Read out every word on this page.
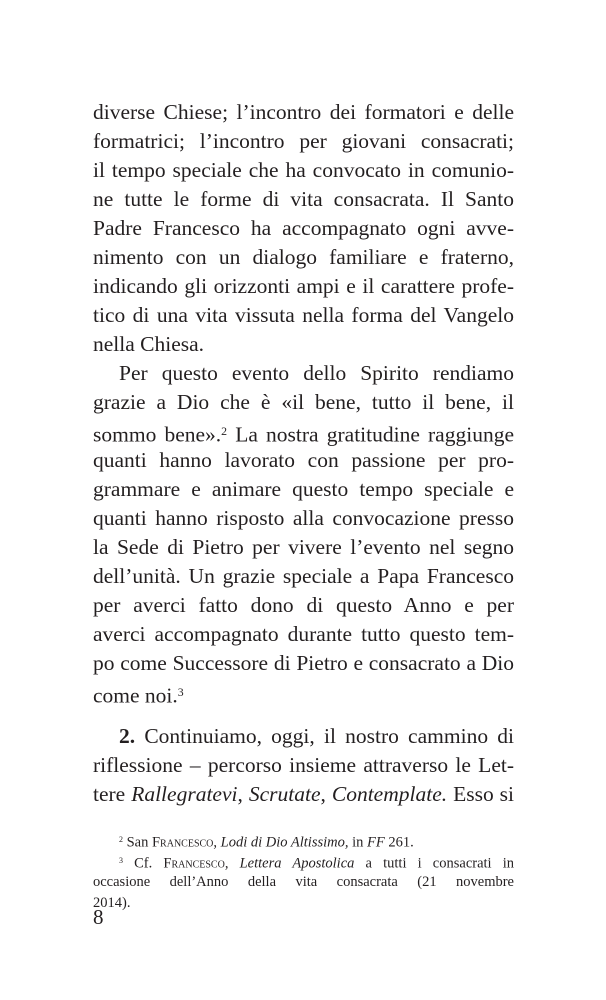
diverse Chiese; l’incontro dei formatori e delle
formatrici; l’incontro per giovani consacrati;
il tempo speciale che ha convocato in comunio-
ne tutte le forme di vita consacrata. Il Santo
Padre Francesco ha accompagnato ogni avve-
nimento con un dialogo familiare e fraterno,
indicando gli orizzonti ampi e il carattere profe-
tico di una vita vissuta nella forma del Vangelo
nella Chiesa.
Per questo evento dello Spirito rendiamo
grazie a Dio che è «il bene, tutto il bene, il
sommo bene».$^2$ La nostra gratitudine raggiunge
quanti hanno lavorato con passione per pro-
grammare e animare questo tempo speciale e
quanti hanno risposto alla convocazione presso
la Sede di Pietro per vivere l’evento nel segno
dell’unità. Un grazie speciale a Papa Francesco
per averci fatto dono di questo Anno e per
averci accompagnato durante tutto questo tem-
po come Successore di Pietro e consacrato a Dio
come noi.$^3$
2. Continuiamo, oggi, il nostro cammino di
riflessione – percorso insieme attraverso le Let-
tere Rallegratevi, Scrutate, Contemplate. Esso si
$^2$ San Francesco, Lodi di Dio Altissimo, in FF 261.
$^3$ Cf. Francesco, Lettera Apostolica a tutti i consacrati in
occasione dell’Anno della vita consacrata (21 novembre
2014).
8
